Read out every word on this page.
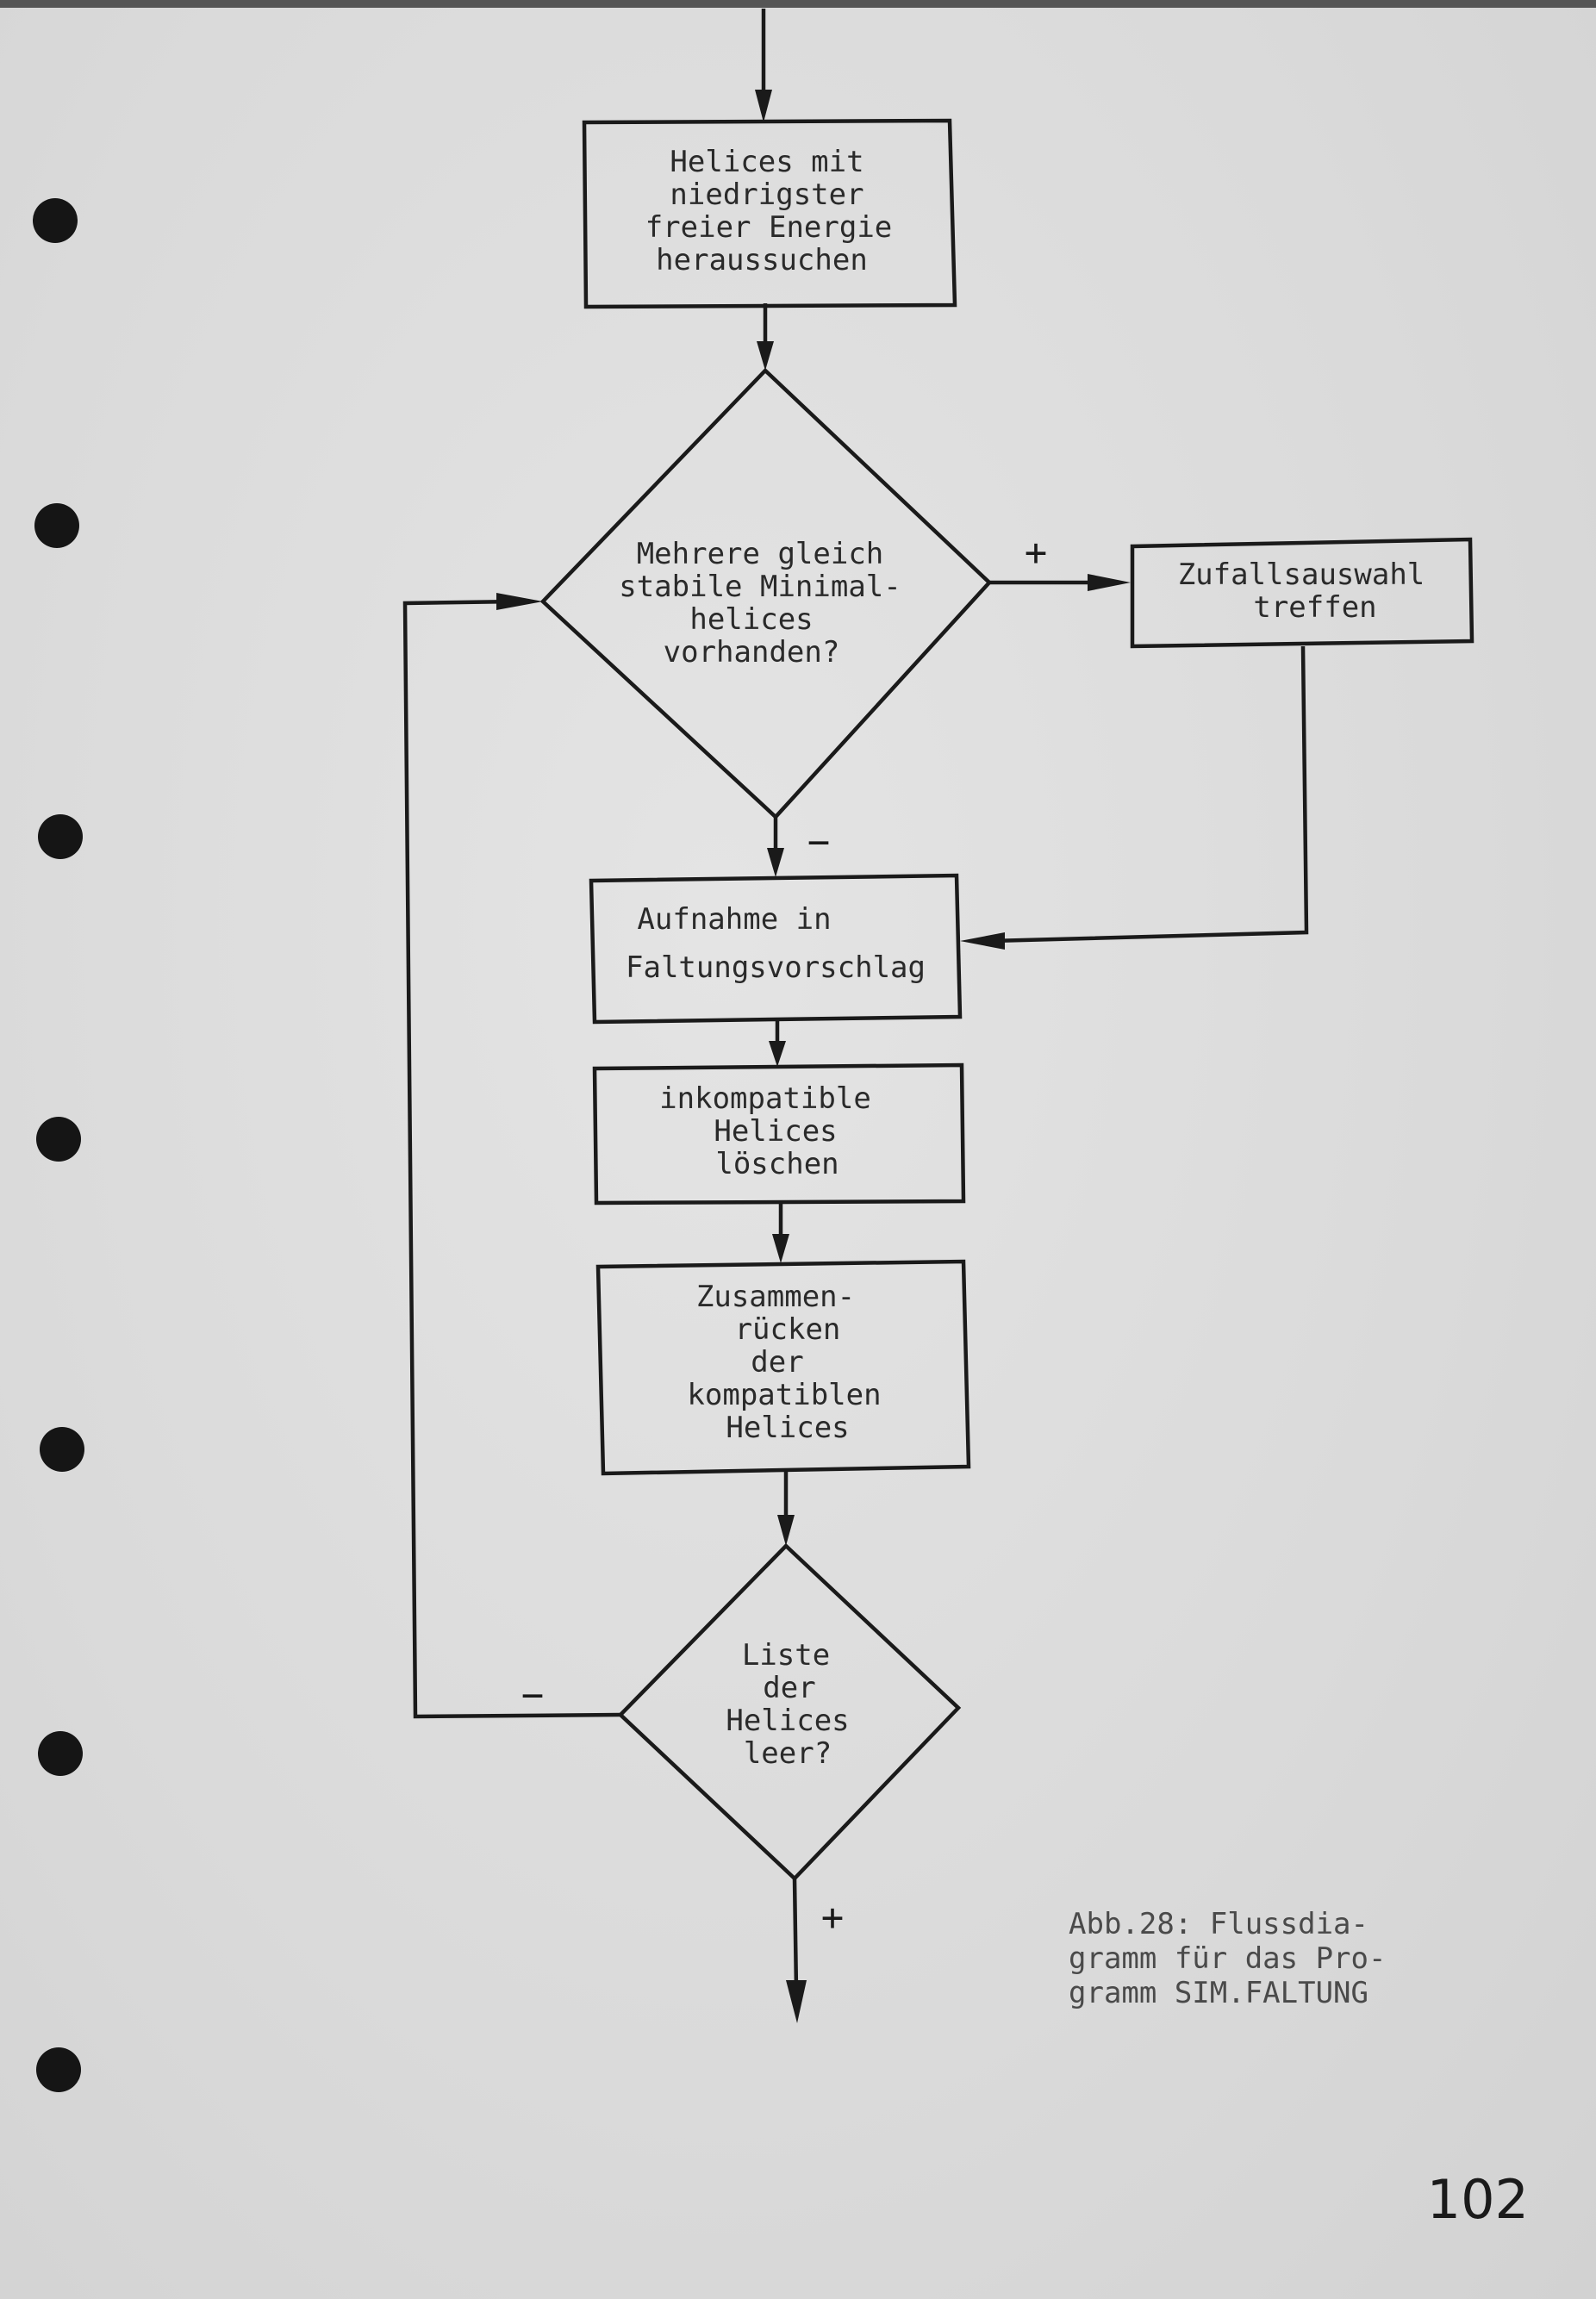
Helices mit
niedrigster
freier Energie
heraussuchen
Mehrere gleich
stabile Minimal-
helices
vorhanden?
+
−
Zufallsauswahl
treffen
Aufnahme in
Faltungsvorschlag
inkompatible
Helices
löschen
Zusammen-
rücken
der
kompatiblen
Helices
Liste
der
Helices
leer?
−
+	Abb.28: Flussdia-
gramm für das Pro-
gramm SIM.FALTUNG
102
